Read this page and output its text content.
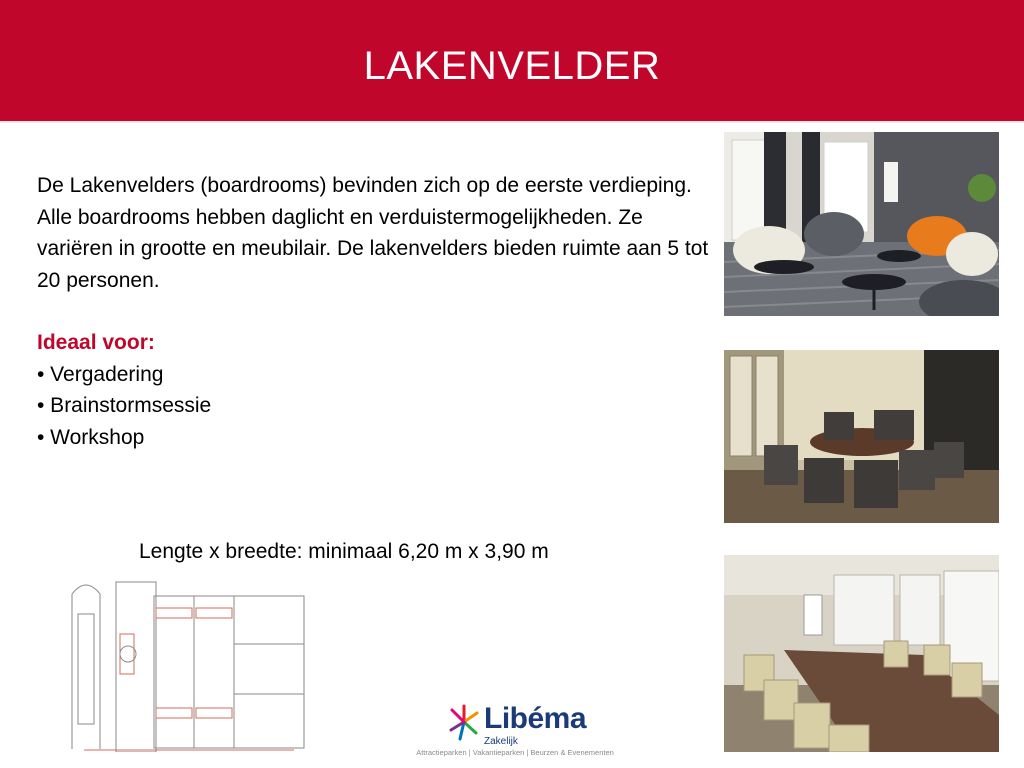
LAKENVELDER

De Lakenvelders (boardrooms) bevinden zich op de eerste verdieping. Alle boardrooms hebben daglicht en verduistermogelijkheden. Ze variëren in grootte en meubilair. De lakenvelders bieden ruimte aan 5 tot 20 personen.

Ideaal voor:
• Vergadering
• Brainstormsessie
• Workshop
Lengte x breedte: minimaal 6,20 m x 3,90 m
Libéma
Zakelijk
Attractieparken | Vakantieparken | Beurzen & Evenementen
